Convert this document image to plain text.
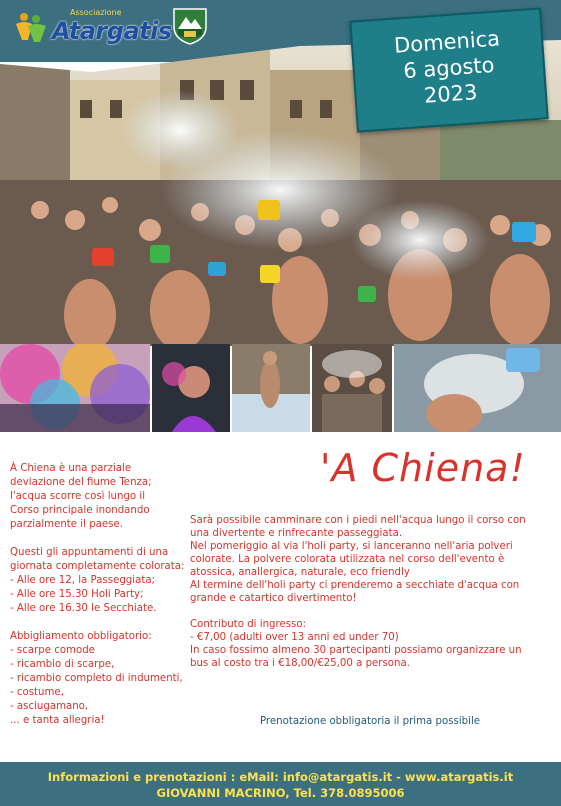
Associazione
Atargatis	Domenica
6 agosto
2023

À Chiena è una parziale
deviazione del fiume Tenza;
l'acqua scorre così lungo il
Corso principale inondando
parzialmente il paese.

Questi gli appuntamenti di una
giornata completamente colorata:
- Alle ore 12, la Passeggiata;
- Alle ore 15.30 Holi Party;
- Alle ore 16.30 le Secchiate.

Abbigliamento obbligatorio:
- scarpe comode
- ricambio di scarpe,
- ricambio completo di indumenti,
- costume,
- asciugamano,
... e tanta allegria!

'A Chiena!

Sarà possibile camminare con i piedi nell'acqua lungo il corso con
una divertente e rinfrecante passeggiata.
Nel pomeriggio al via l'holi party, si lanceranno nell'aria polveri
colorate. La polvere colorata utilizzata nel corso dell'evento è
atossica, anallergica, naturale, eco friendly
Al termine dell'holi party ci prenderemo a secchiate d'acqua con
grande e catartico divertimento!

Contributo di ingresso:
- €7,00 (adulti over 13 anni ed under 70)
In caso fossimo almeno 30 partecipanti possiamo organizzare un
bus al costo tra i €18,00/€25,00 a persona.

Prenotazione obbligatoria il prima possibile
Informazioni e prenotazioni : eMail: info@atargatis.it - www.atargatis.it
GIOVANNI MACRINO, Tel. 378.0895006
